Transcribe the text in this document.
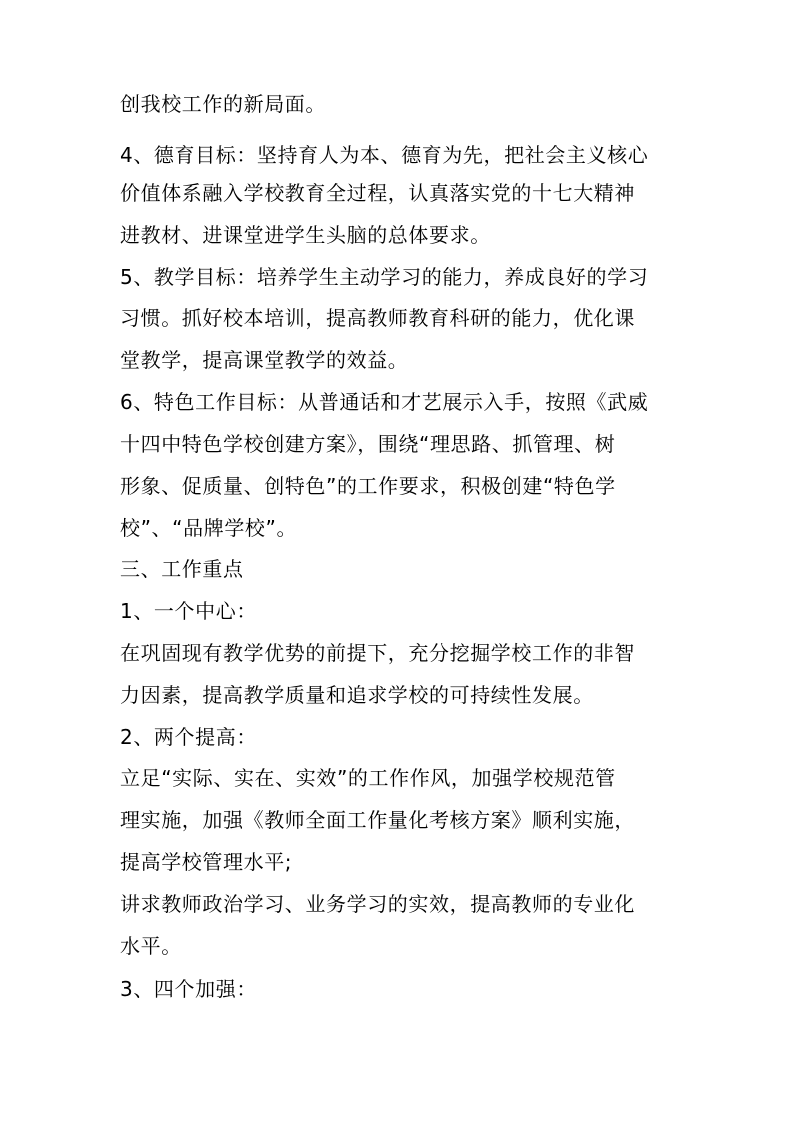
创我校工作的新局面。
4、德育目标：坚持育人为本、德育为先，把社会主义核心
价值体系融入学校教育全过程，认真落实党的十七大精神
进教材、进课堂进学生头脑的总体要求。
5、教学目标：培养学生主动学习的能力，养成良好的学习
习惯。抓好校本培训，提高教师教育科研的能力，优化课
堂教学，提高课堂教学的效益。
6、特色工作目标：从普通话和才艺展示入手，按照《武威
十四中特色学校创建方案》，围绕“理思路、抓管理、树
形象、促质量、创特色”的工作要求，积极创建“特色学
校”、“品牌学校”。
三、工作重点
1、一个中心：
在巩固现有教学优势的前提下，充分挖掘学校工作的非智
力因素，提高教学质量和追求学校的可持续性发展。
2、两个提高：
立足“实际、实在、实效”的工作作风，加强学校规范管
理实施，加强《教师全面工作量化考核方案》顺利实施，
提高学校管理水平;
讲求教师政治学习、业务学习的实效，提高教师的专业化
水平。
3、四个加强：
